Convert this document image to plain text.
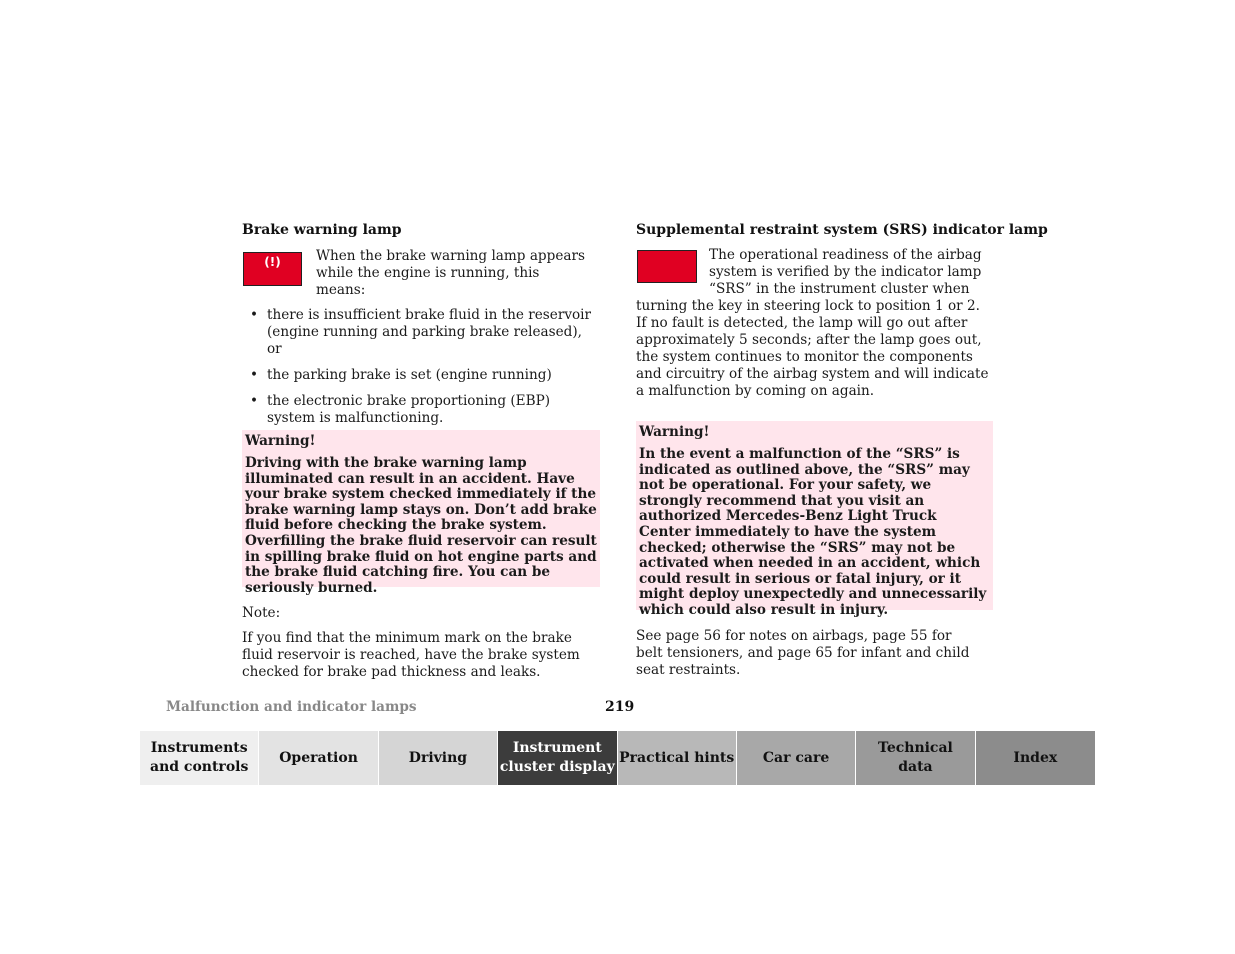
Brake warning lamp
(!)	When the brake warning lamp appears while the engine is running, this means:
• there is insufficient brake fluid in the reservoir (engine running and parking brake released), or
• the parking brake is set (engine running)
• the electronic brake proportioning (EBP) system is malfunctioning.
Warning!
Driving with the brake warning lamp illuminated can result in an accident. Have your brake system checked immediately if the brake warning lamp stays on. Don’t add brake fluid before checking the brake system. Overfilling the brake fluid reservoir can result in spilling brake fluid on hot engine parts and the brake fluid catching fire. You can be seriously burned.
Note:
If you find that the minimum mark on the brake fluid reservoir is reached, have the brake system checked for brake pad thickness and leaks.
Supplemental restraint system (SRS) indicator lamp
The operational readiness of the airbag system is verified by the indicator lamp “SRS” in the instrument cluster when
turning the key in steering lock to position 1 or 2. If no fault is detected, the lamp will go out after approximately 5 seconds; after the lamp goes out, the system continues to monitor the components and circuitry of the airbag system and will indicate a malfunction by coming on again.
Warning!
In the event a malfunction of the “SRS” is indicated as outlined above, the “SRS” may not be operational. For your safety, we strongly recommend that you visit an authorized Mercedes-Benz Light Truck Center immediately to have the system checked; otherwise the “SRS” may not be activated when needed in an accident, which could result in serious or fatal injury, or it might deploy unexpectedly and unnecessarily which could also result in injury.
See page 56 for notes on airbags, page 55 for belt tensioners, and page 65 for infant and child seat restraints.
Malfunction and indicator lamps	219
Instruments
and controls
Operation	Driving
Instrument
cluster display
Practical hints Car care
Technical
data
Index
